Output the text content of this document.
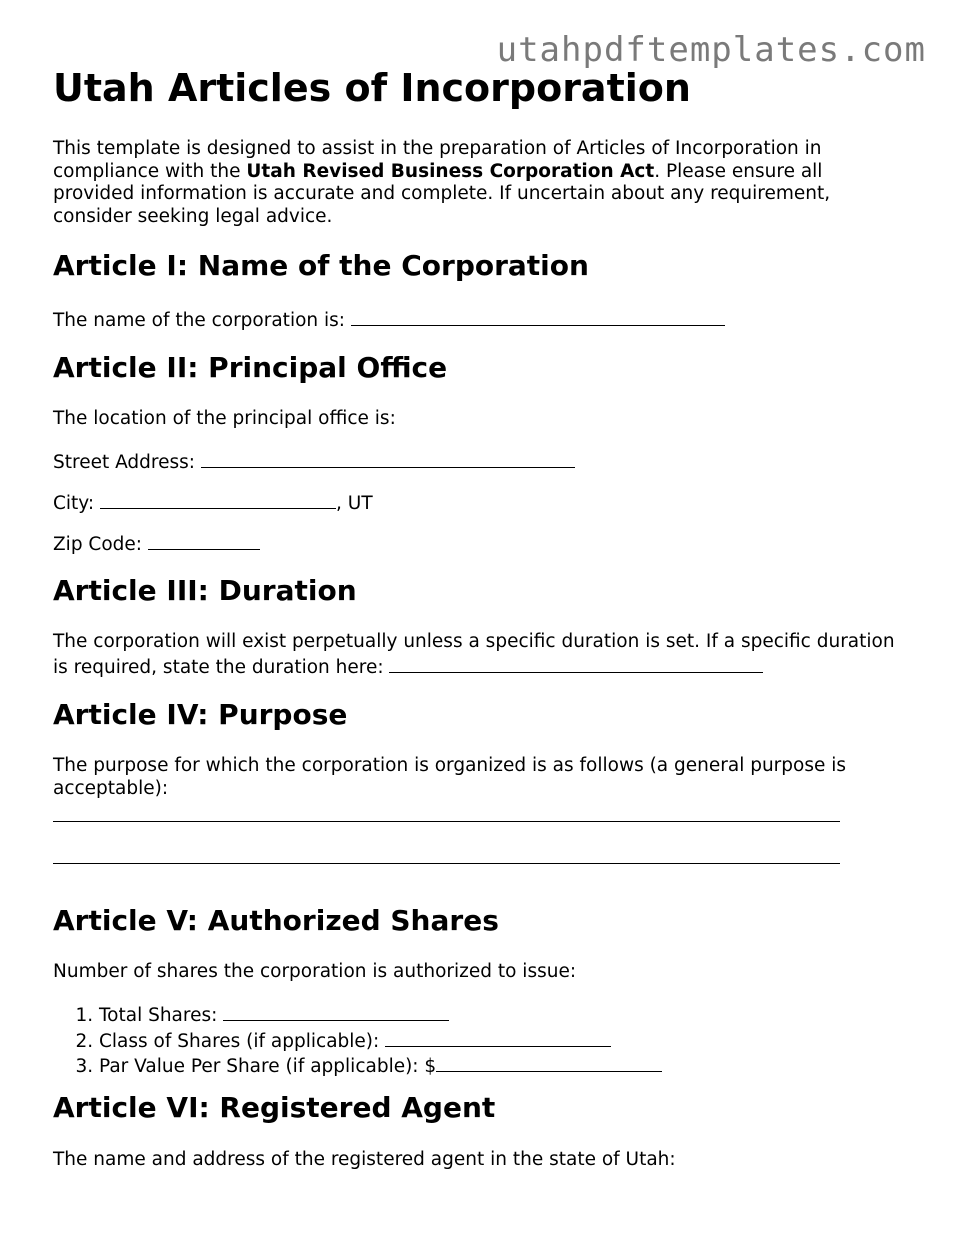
utahpdftemplates.com
Utah Articles of Incorporation

This template is designed to assist in the preparation of Articles of Incorporation in compliance with the Utah Revised Business Corporation Act. Please ensure all provided information is accurate and complete. If uncertain about any requirement, consider seeking legal advice.

Article I: Name of the Corporation

The name of the corporation is:

Article II: Principal Office

The location of the principal office is:

Street Address:

City:	, UT

Zip Code:

Article III: Duration

The corporation will exist perpetually unless a specific duration is set. If a specific duration is required, state the duration here:

Article IV: Purpose

The purpose for which the corporation is organized is as follows (a general purpose is acceptable):

Article V: Authorized Shares

Number of shares the corporation is authorized to issue:

1. Total Shares:
2. Class of Shares (if applicable):
3. Par Value Per Share (if applicable): $
Article VI: Registered Agent

The name and address of the registered agent in the state of Utah:
